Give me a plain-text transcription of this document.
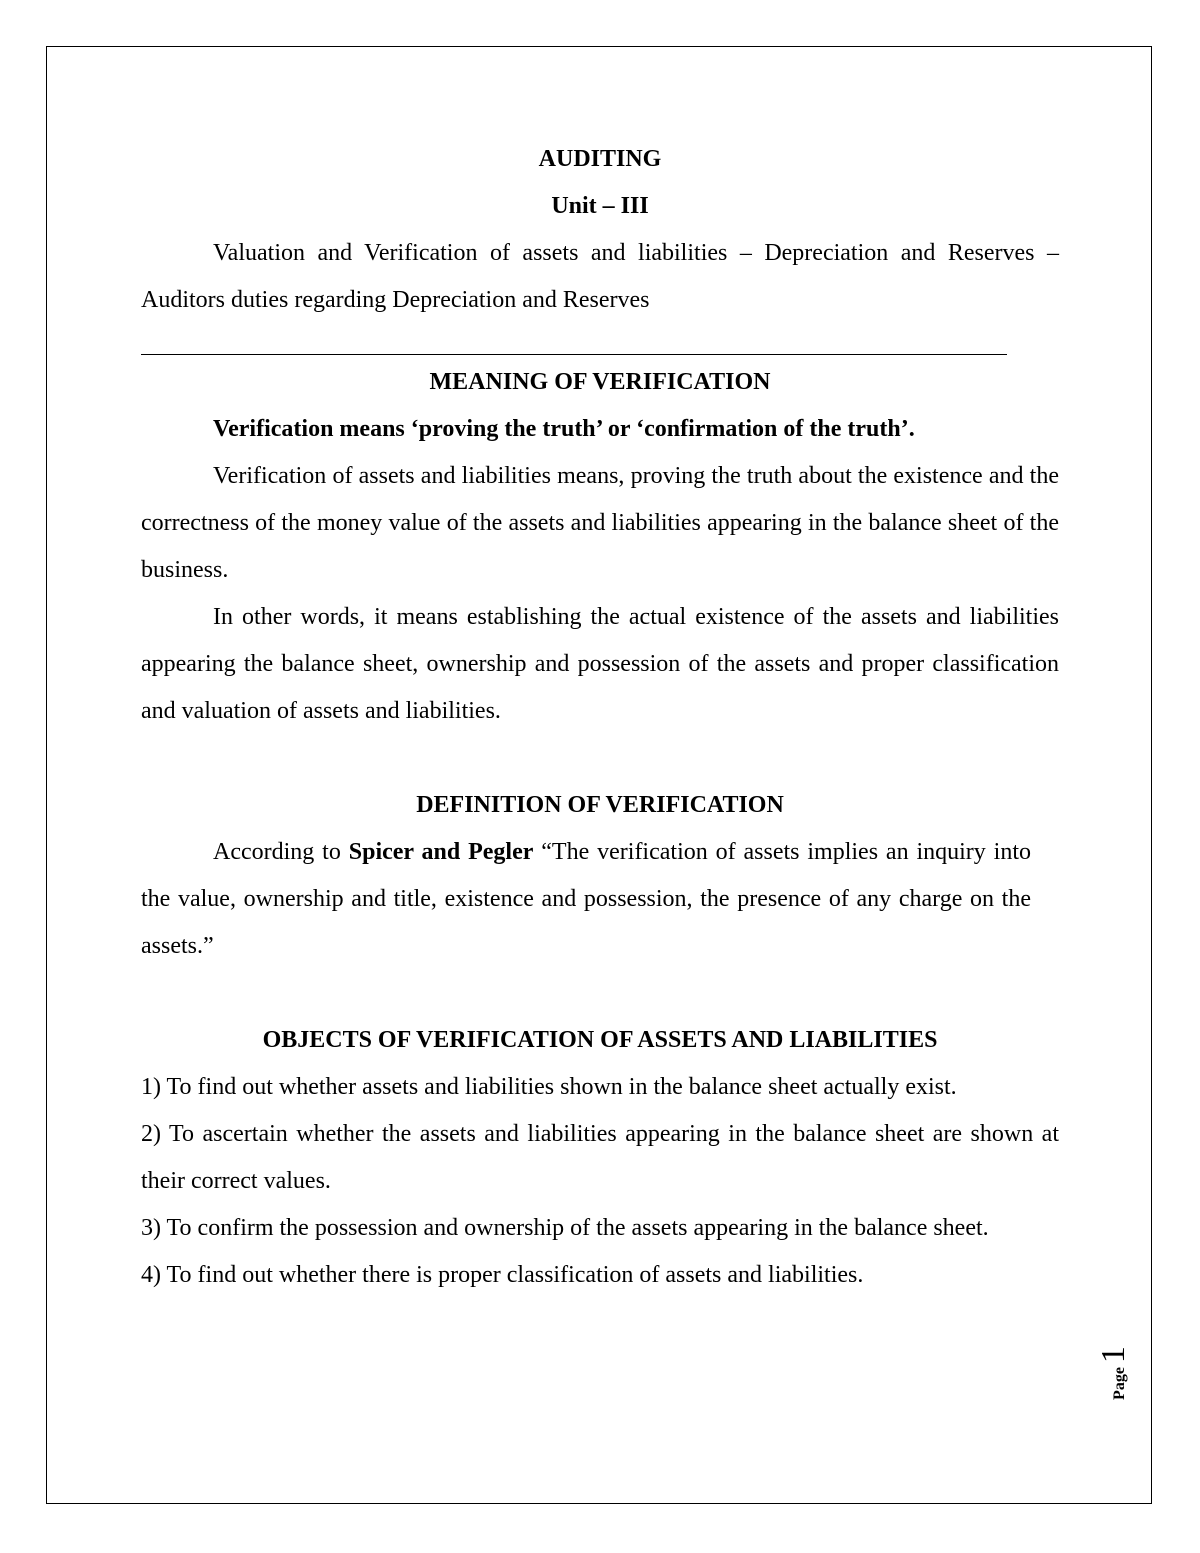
AUDITING

Unit – III

Valuation and Verification of assets and liabilities – Depreciation and Reserves – Auditors duties regarding Depreciation and Reserves

MEANING OF VERIFICATION

Verification means ‘proving the truth’ or ‘confirmation of the truth’.

Verification of assets and liabilities means, proving the truth about the existence and the correctness of the money value of the assets and liabilities appearing in the balance sheet of the business.

In other words, it means establishing the actual existence of the assets and liabilities appearing the balance sheet, ownership and possession of the assets and proper classification and valuation of assets and liabilities.

DEFINITION OF VERIFICATION

According to Spicer and Pegler “The verification of assets implies an inquiry into the value, ownership and title, existence and possession, the presence of any charge on the assets.”

OBJECTS OF VERIFICATION OF ASSETS AND LIABILITIES

1) To find out whether assets and liabilities shown in the balance sheet actually exist.

2) To ascertain whether the assets and liabilities appearing in the balance sheet are shown at their correct values.

3) To confirm the possession and ownership of the assets appearing in the balance sheet.

4) To find out whether there is proper classification of assets and liabilities.

Page 1
